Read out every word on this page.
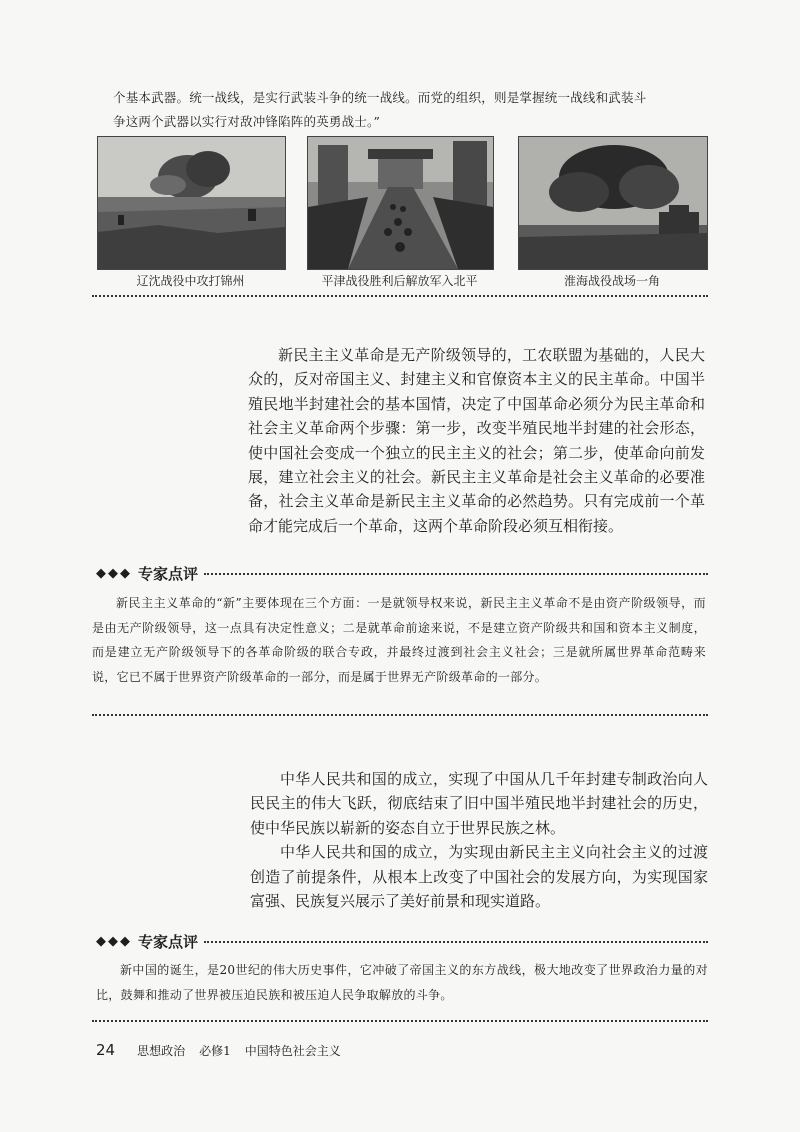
个基本武器。统一战线，是实行武装斗争的统一战线。而党的组织，则是掌握统一战线和武装斗

争这两个武器以实行对敌冲锋陷阵的英勇战士。”

辽沈战役中攻打锦州	平津战役胜利后解放军入北平	淮海战役战场一角

新民主主义革命是无产阶级领导的，工农联盟为基础的，人民大众的，反对帝国主义、封建主义和官僚资本主义的民主革命。中国半殖民地半封建社会的基本国情，决定了中国革命必须分为民主革命和社会主义革命两个步骤：第一步，改变半殖民地半封建的社会形态，使中国社会变成一个独立的民主主义的社会；第二步，使革命向前发展，建立社会主义的社会。新民主主义革命是社会主义革命的必要准备，社会主义革命是新民主主义革命的必然趋势。只有完成前一个革命才能完成后一个革命，这两个革命阶段必须互相衔接。

◆◆◆ 专家点评

新民主主义革命的“新”主要体现在三个方面：一是就领导权来说，新民主主义革命不是由资产阶级领导，而是由无产阶级领导，这一点具有决定性意义；二是就革命前途来说，不是建立资产阶级共和国和资本主义制度，而是建立无产阶级领导下的各革命阶级的联合专政，并最终过渡到社会主义社会；三是就所属世界革命范畴来说，它已不属于世界资产阶级革命的一部分，而是属于世界无产阶级革命的一部分。

中华人民共和国的成立，实现了中国从几千年封建专制政治向人民民主的伟大飞跃，彻底结束了旧中国半殖民地半封建社会的历史，使中华民族以崭新的姿态自立于世界民族之林。

中华人民共和国的成立，为实现由新民主主义向社会主义的过渡创造了前提条件，从根本上改变了中国社会的发展方向，为实现国家富强、民族复兴展示了美好前景和现实道路。

◆◆◆ 专家点评

新中国的诞生，是20世纪的伟大历史事件，它冲破了帝国主义的东方战线，极大地改变了世界政治力量的对比，鼓舞和推动了世界被压迫民族和被压迫人民争取解放的斗争。

24 思想政治 必修1 中国特色社会主义
